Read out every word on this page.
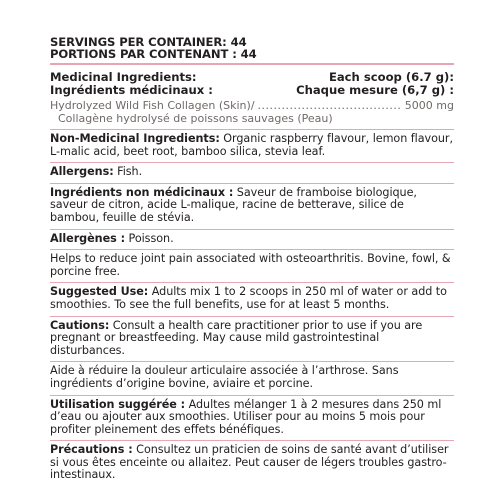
SERVINGS PER CONTAINER: 44
PORTIONS PAR CONTENANT : 44
Medicinal Ingredients:
Ingrédients médicinaux :
Each scoop (6.7 g):
Chaque mesure (6,7 g) :
Hydrolyzed Wild Fish Collagen (Skin)/
.....	5000 mg
Collagène hydrolysé de poissons sauvages (Peau)
Non-Medicinal Ingredients: Organic raspberry flavour, lemon flavour, L-malic acid, beet root, bamboo silica, stevia leaf.
Allergens: Fish.
Ingrédients non médicinaux : Saveur de framboise biologique, saveur de citron, acide L-malique, racine de betterave, silice de bambou, feuille de stévia.
Allergènes : Poisson.
Helps to reduce joint pain associated with osteoarthritis. Bovine, fowl, & porcine free.
Suggested Use: Adults mix 1 to 2 scoops in 250 ml of water or add to smoothies. To see the full benefits, use for at least 5 months.
Cautions: Consult a health care practitioner prior to use if you are pregnant or breastfeeding. May cause mild gastrointestinal disturbances.
Aide à réduire la douleur articulaire associée à l’arthrose. Sans ingrédients d’origine bovine, aviaire et porcine.
Utilisation suggérée : Adultes mélanger 1 à 2 mesures dans 250 ml d’eau ou ajouter aux smoothies. Utiliser pour au moins 5 mois pour profiter pleinement des effets bénéfiques.
Précautions : Consultez un praticien de soins de santé avant d’utiliser si vous êtes enceinte ou allaitez. Peut causer de légers troubles gastro-intestinaux.
